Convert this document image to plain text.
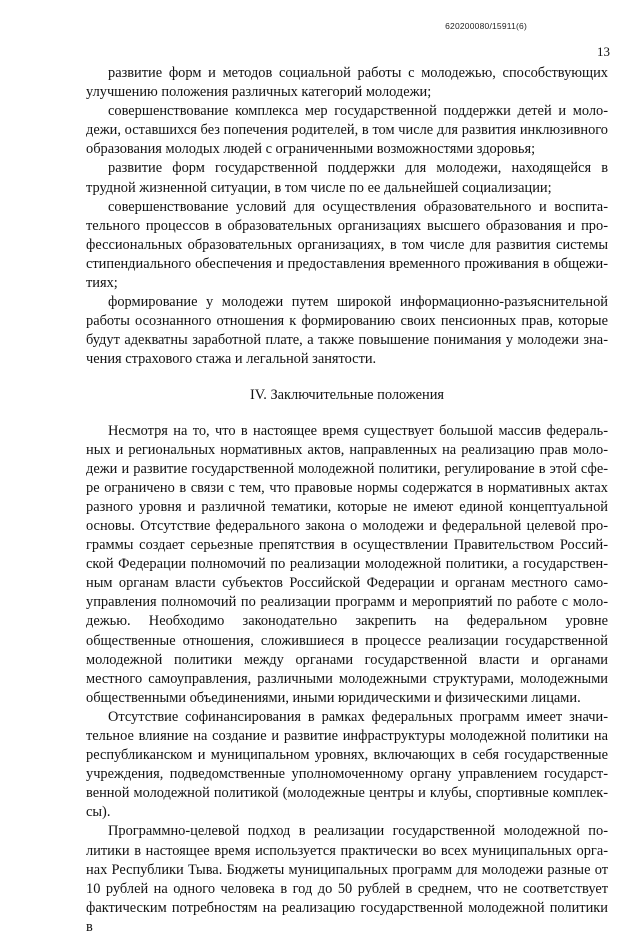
620200080/15911(6)
13

развитие форм и методов социальной работы с молодежью, способствующих улучшению положения различных категорий молодежи;

совершенствование комплекса мер государственной поддержки детей и молодежи, оставшихся без попечения родителей, в том числе для развития инклюзивного образования молодых людей с ограниченными возможностями здоровья;

развитие форм государственной поддержки для молодежи, находящейся в трудной жизненной ситуации, в том числе по ее дальнейшей социализации;

совершенствование условий для осуществления образовательного и воспитательного процессов в образовательных организациях высшего образования и профессиональных образовательных организациях, в том числе для развития системы стипендиального обеспечения и предоставления временного проживания в общежитиях;

формирование у молодежи путем широкой информационно-разъяснительной работы осознанного отношения к формированию своих пенсионных прав, которые будут адекватны заработной плате, а также повышение понимания у молодежи значения страхового стажа и легальной занятости.

IV. Заключительные положения

Несмотря на то, что в настоящее время существует большой массив федеральных и региональных нормативных актов, направленных на реализацию прав молодежи и развитие государственной молодежной политики, регулирование в этой сфере ограничено в связи с тем, что правовые нормы содержатся в нормативных актах разного уровня и различной тематики, которые не имеют единой концептуальной основы. Отсутствие федерального закона о молодежи и федеральной целевой программы создает серьезные препятствия в осуществлении Правительством Российской Федерации полномочий по реализации молодежной политики, а государственным органам власти субъектов Российской Федерации и органам местного самоуправления полномочий по реализации программ и мероприятий по работе с молодежью. Необходимо законодательно закрепить на федеральном уровне общественные отношения, сложившиеся в процессе реализации государственной молодежной политики между органами государственной власти и органами местного самоуправления, различными молодежными структурами, молодежными общественными объединениями, иными юридическими и физическими лицами.

Отсутствие софинансирования в рамках федеральных программ имеет значительное влияние на создание и развитие инфраструктуры молодежной политики на республиканском и муниципальном уровнях, включающих в себя государственные учреждения, подведомственные уполномоченному органу управлением государственной молодежной политикой (молодежные центры и клубы, спортивные комплексы).

Программно-целевой подход в реализации государственной молодежной политики в настоящее время используется практически во всех муниципальных органах Республики Тыва. Бюджеты муниципальных программ для молодежи разные от 10 рублей на одного человека в год до 50 рублей в среднем, что не соответствует фактическим потребностям на реализацию государственной молодежной политики в
